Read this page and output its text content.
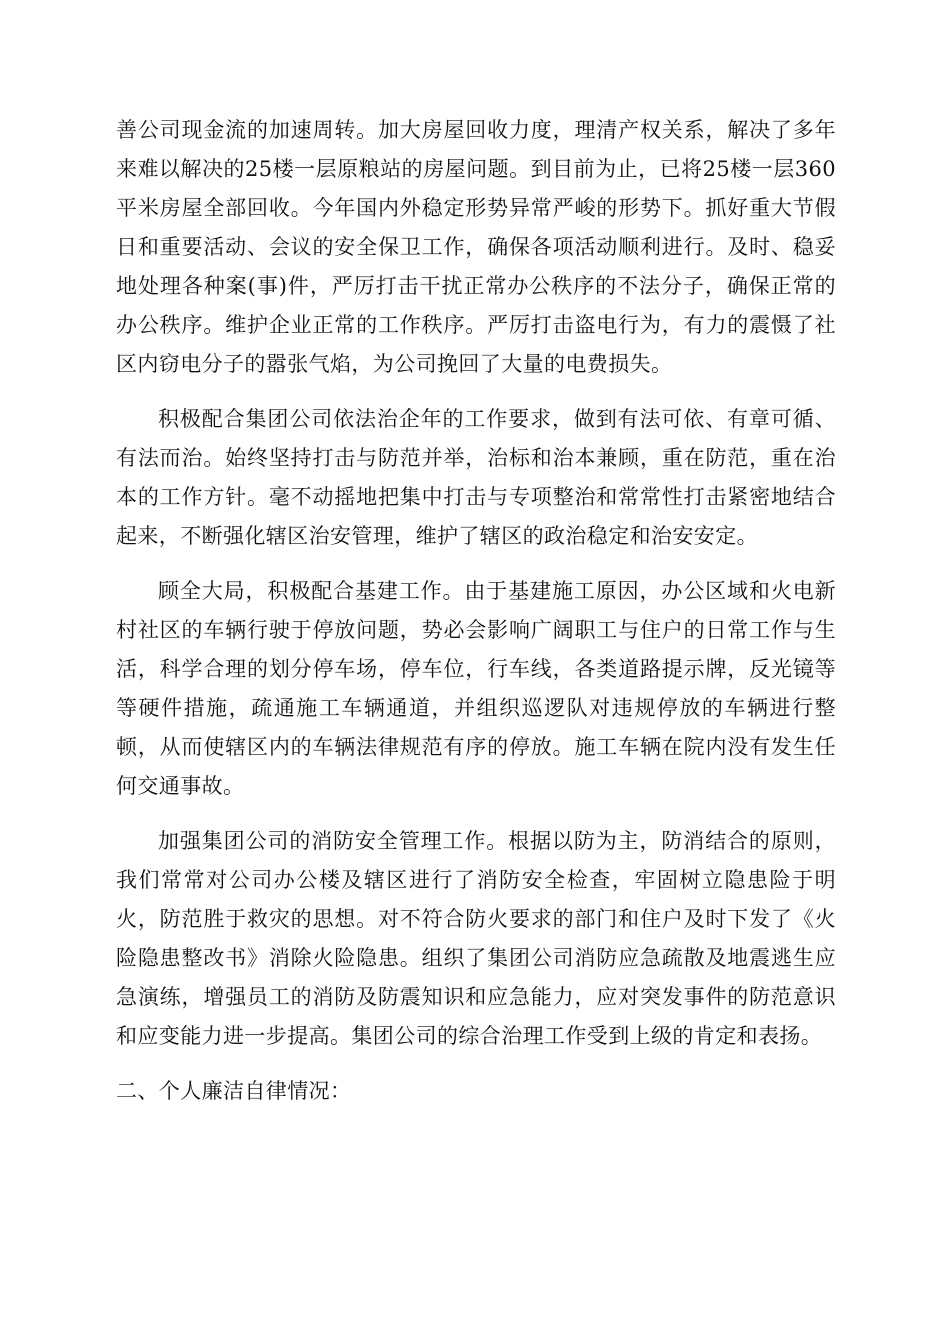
善公司现金流的加速周转。加大房屋回收力度，理清产权关系，解决了多年来难以解决的25楼一层原粮站的房屋问题。到目前为止，已将25楼一层360平米房屋全部回收。今年国内外稳定形势异常严峻的形势下。抓好重大节假日和重要活动、会议的安全保卫工作，确保各项活动顺利进行。及时、稳妥地处理各种案(事)件，严厉打击干扰正常办公秩序的不法分子，确保正常的办公秩序。维护企业正常的工作秩序。严厉打击盗电行为，有力的震慑了社区内窃电分子的嚣张气焰，为公司挽回了大量的电费损失。

积极配合集团公司依法治企年的工作要求，做到有法可依、有章可循、有法而治。始终坚持打击与防范并举，治标和治本兼顾，重在防范，重在治本的工作方针。毫不动摇地把集中打击与专项整治和常常性打击紧密地结合起来，不断强化辖区治安管理，维护了辖区的政治稳定和治安安定。

顾全大局，积极配合基建工作。由于基建施工原因，办公区域和火电新村社区的车辆行驶于停放问题，势必会影响广阔职工与住户的日常工作与生活，科学合理的划分停车场，停车位，行车线，各类道路提示牌，反光镜等等硬件措施，疏通施工车辆通道，并组织巡逻队对违规停放的车辆进行整顿，从而使辖区内的车辆法律规范有序的停放。施工车辆在院内没有发生任何交通事故。

加强集团公司的消防安全管理工作。根据以防为主，防消结合的原则，我们常常对公司办公楼及辖区进行了消防安全检查，牢固树立隐患险于明火，防范胜于救灾的思想。对不符合防火要求的部门和住户及时下发了《火险隐患整改书》消除火险隐患。组织了集团公司消防应急疏散及地震逃生应急演练，增强员工的消防及防震知识和应急能力，应对突发事件的防范意识和应变能力进一步提高。集团公司的综合治理工作受到上级的肯定和表扬。

二、个人廉洁自律情况：
